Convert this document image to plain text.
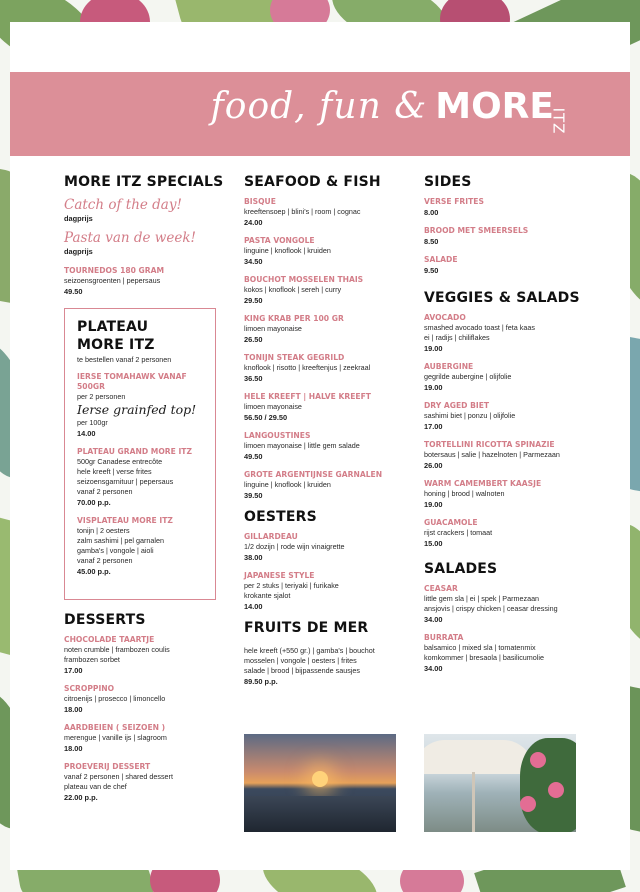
food, fun & MORE
ITZ
MORE ITZ SPECIALS
Catch of the day!
dagprijs
Pasta van de week!
dagprijs
TOURNEDOS 180 GRAM
seizoensgroenten | pepersaus
49.50
PLATEAU
MORE ITZ
te bestellen vanaf 2 personen
IERSE TOMAHAWK VANAF 500GR
per 2 personen
Ierse grainfed top!
per 100gr
14.00
PLATEAU GRAND MORE ITZ
500gr Canadese entrecôte
hele kreeft | verse frites
seizoensgarnituur | pepersaus
vanaf 2 personen
70.00 p.p.
VISPLATEAU MORE ITZ
tonijn | 2 oesters
zalm sashimi | pel garnalen
gamba's | vongole | aioli
vanaf 2 personen
45.00 p.p.
DESSERTS
CHOCOLADE TAARTJE
noten crumble | frambozen coulis
frambozen sorbet
17.00
SCROPPINO
citroenijs | prosecco | limoncello
18.00
AARDBEIEN ( SEIZOEN )
merengue | vanille ijs | slagroom
18.00
PROEVERIJ DESSERT
vanaf 2 personen | shared dessert
plateau van de chef
22.00 p.p.
SEAFOOD & FISH
BISQUE
kreeftensoep | blini's | room | cognac
24.00
PASTA VONGOLE
linguine | knoflook | kruiden
34.50
BOUCHOT MOSSELEN THAIS
kokos | knoflook | sereh | curry
29.50
KING KRAB PER 100 GR
limoen mayonaise
26.50
TONIJN STEAK GEGRILD
knoflook | risotto | kreeftenjus | zeekraal
36.50
HELE KREEFT | HALVE KREEFT
limoen mayonaise
56.50 / 29.50
LANGOUSTINES
limoen mayonaise | little gem salade
49.50
GROTE ARGENTIJNSE GARNALEN
linguine | knoflook | kruiden
39.50
OESTERS
GILLARDEAU
1/2 dozijn | rode wijn vinaigrette
38.00
JAPANESE STYLE
per 2 stuks | teriyaki | furikake
krokante sjalot
14.00
FRUITS DE MER
hele kreeft (+550 gr.) | gamba's | bouchot
mosselen | vongole | oesters | frites
salade | brood | bijpassende sausjes
89.50 p.p.
SIDES
VERSE FRITES
8.00
BROOD MET SMEERSELS
8.50
SALADE
9.50
VEGGIES & SALADS
AVOCADO
smashed avocado toast | feta kaas
ei | radijs | chiliflakes
19.00
AUBERGINE
gegrilde aubergine | olijfolie
19.00
DRY AGED BIET
sashimi biet | ponzu | olijfolie
17.00
TORTELLINI RICOTTA SPINAZIE
botersaus | salie | hazelnoten | Parmezaan
26.00
WARM CAMEMBERT KAASJE
honing | brood | walnoten
19.00
GUACAMOLE
rijst crackers | tomaat
15.00
SALADES
CEASAR
little gem sla | ei | spek | Parmezaan
ansjovis | crispy chicken | ceasar dressing
34.00
BURRATA
balsamico | mixed sla | tomatenmix
komkommer | bresaola | basilicumolie
34.00
